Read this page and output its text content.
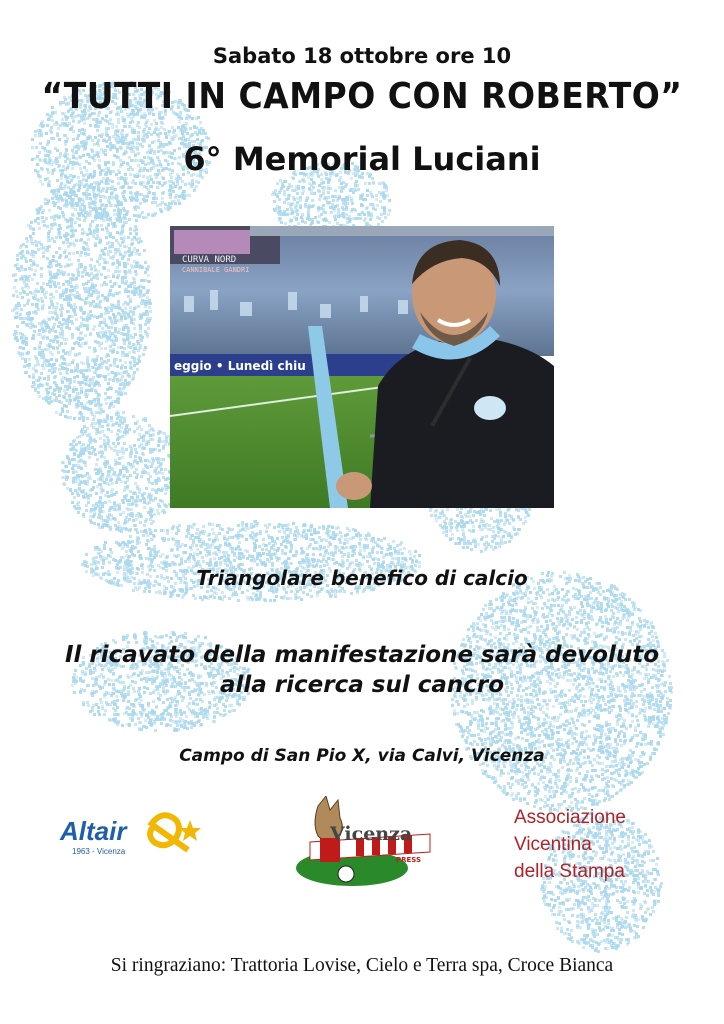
Sabato 18 ottobre ore 10
“TUTTI IN CAMPO CON ROBERTO”
6° Memorial Luciani
CURVA NORD
CANNIBALE GANDRI
eggio • Lunedì chiu
Triangolare benefico di calcio
Il ricavato della manifestazione sarà devoluto
alla ricerca sul cancro
Campo di San Pio X, via Calvi, Vicenza
Altair
1963 - Vicenza
Vicenza
PRESS
Associazione
Vicentina
della Stampa
Si ringraziano: Trattoria Lovise, Cielo e Terra spa, Croce Bianca
